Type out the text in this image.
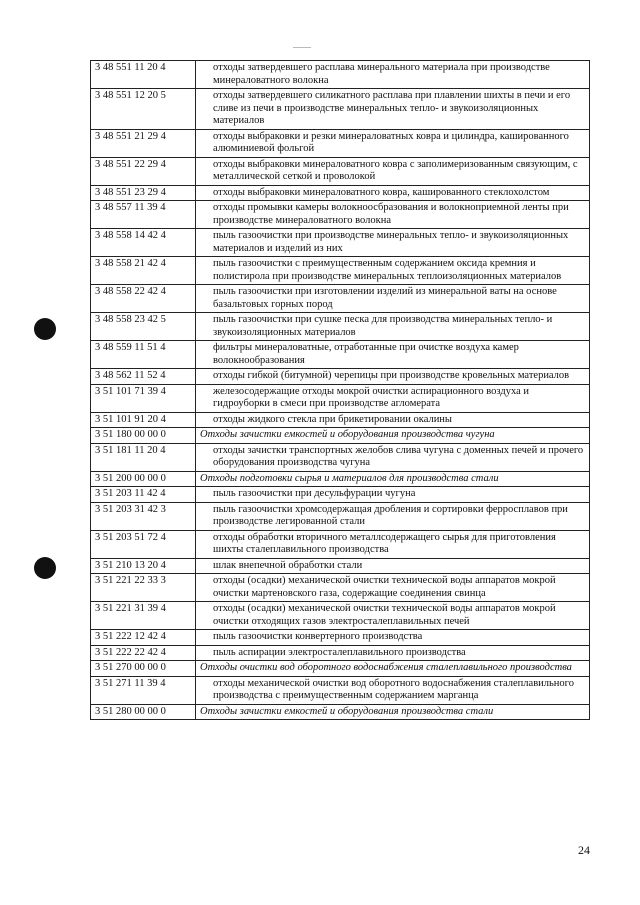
3 48 551 11 20 4	отходы затвердевшего расплава минерального материала при производстве минераловатного волокна
3 48 551 12 20 5	отходы затвердевшего силикатного расплава при плавлении шихты в печи и его сливе из печи в производстве минеральных тепло- и звукоизоляционных материалов
3 48 551 21 29 4	отходы выбраковки и резки минераловатных ковра и цилиндра, кашированного алюминиевой фольгой
3 48 551 22 29 4	отходы выбраковки минераловатного ковра с заполимеризованным связующим, с металлической сеткой и проволокой
3 48 551 23 29 4	отходы выбраковки минераловатного ковра, кашированного стеклохолстом
3 48 557 11 39 4	отходы промывки камеры волокноосбразования и волокноприемной ленты при производстве минераловатного волокна
3 48 558 14 42 4	пыль газоочистки при производстве минеральных тепло- и звукоизоляционных материалов и изделий из них
3 48 558 21 42 4	пыль газоочистки с преимущественным содержанием оксида кремния и полистирола при производстве минеральных теплоизоляционных материалов
3 48 558 22 42 4	пыль газоочистки при изготовлении изделий из минеральной ваты на основе базальтовых горных пород
3 48 558 23 42 5	пыль газоочистки при сушке песка для производства минеральных тепло- и звукоизоляционных материалов
3 48 559 11 51 4	фильтры минераловатные, отработанные при очистке воздуха камер волокнообразования
3 48 562 11 52 4	отходы гибкой (битумной) черепицы при производстве кровельных материалов
3 51 101 71 39 4	железосодержащие отходы мокрой очистки аспирационного воздуха и гидроуборки в смеси при производстве агломерата
3 51 101 91 20 4	отходы жидкого стекла при брикетировании окалины
3 51 180 00 00 0	Отходы зачистки емкостей и оборудования производства чугуна
3 51 181 11 20 4	отходы зачистки транспортных желобов слива чугуна с доменных печей и прочего оборудования производства чугуна
3 51 200 00 00 0	Отходы подготовки сырья и материалов для производства стали
3 51 203 11 42 4	пыль газоочистки при десульфурации чугуна
3 51 203 31 42 3	пыль газоочистки хромсодержащая дробления и сортировки ферросплавов при производстве легированной стали
3 51 203 51 72 4	отходы обработки вторичного металлсодержащего сырья для приготовления шихты сталеплавильного производства
3 51 210 13 20 4	шлак внепечной обработки стали
3 51 221 22 33 3	отходы (осадки) механической очистки технической воды аппаратов мокрой очистки мартеновского газа, содержащие соединения свинца
3 51 221 31 39 4	отходы (осадки) механической очистки технической воды аппаратов мокрой очистки отходящих газов электросталеплавильных печей
3 51 222 12 42 4	пыль газоочистки конвертерного производства
3 51 222 22 42 4	пыль аспирации электросталеплавильного производства
3 51 270 00 00 0	Отходы очистки вод оборотного водоснабжения сталеплавильного производства
3 51 271 11 39 4	отходы механической очистки вод оборотного водоснабжения сталеплавильного производства с преимущественным содержанием марганца
3 51 280 00 00 0	Отходы зачистки емкостей и оборудования производства стали
24
